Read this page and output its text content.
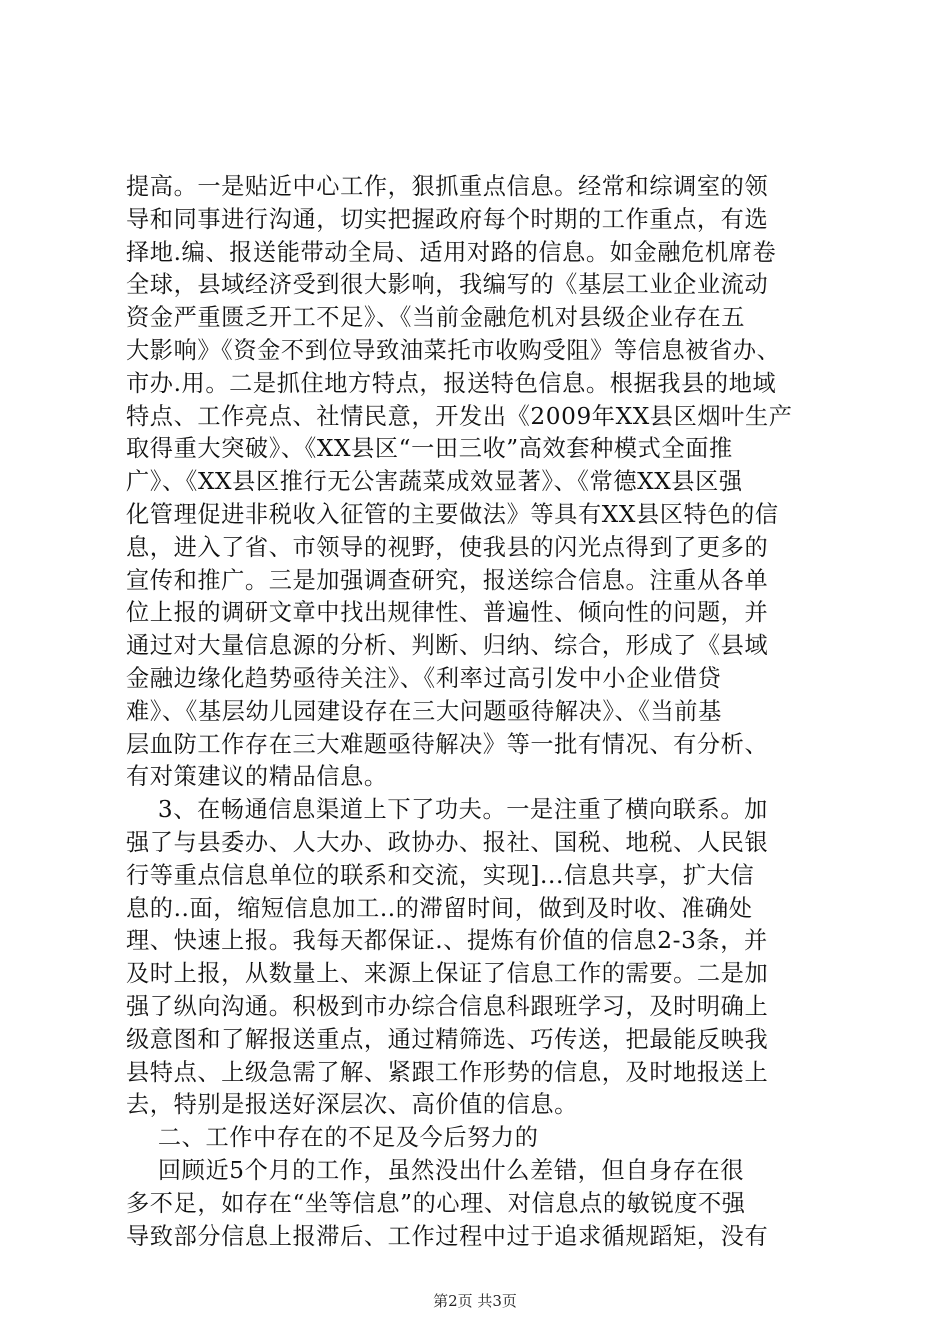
提高。一是贴近中心工作，狠抓重点信息。经常和综调室的领
导和同事进行沟通，切实把握政府每个时期的工作重点，有选
择地.编、报送能带动全局、适用对路的信息。如金融危机席卷
全球，县域经济受到很大影响，我编写的《基层工业企业流动
资金严重匮乏开工不足》、《当前金融危机对县级企业存在五
大影响》《资金不到位导致油菜托市收购受阻》等信息被省办、
市办.用。二是抓住地方特点，报送特色信息。根据我县的地域
特点、工作亮点、社情民意，开发出《2009年XX县区烟叶生产
取得重大突破》、《XX县区“一田三收”高效套种模式全面推
广》、《XX县区推行无公害蔬菜成效显著》、《常德XX县区强
化管理促进非税收入征管的主要做法》等具有XX县区特色的信
息，进入了省、市领导的视野，使我县的闪光点得到了更多的
宣传和推广。三是加强调查研究，报送综合信息。注重从各单
位上报的调研文章中找出规律性、普遍性、倾向性的问题，并
通过对大量信息源的分析、判断、归纳、综合，形成了《县域
金融边缘化趋势亟待关注》、《利率过高引发中小企业借贷
难》、《基层幼儿园建设存在三大问题亟待解决》、《当前基
层血防工作存在三大难题亟待解决》等一批有情况、有分析、
有对策建议的精品信息。
3、在畅通信息渠道上下了功夫。一是注重了横向联系。加
强了与县委办、人大办、政协办、报社、国税、地税、人民银
行等重点信息单位的联系和交流，实现]...信息共享，扩大信
息的..面，缩短信息加工..的滞留时间，做到及时收、准确处
理、快速上报。我每天都保证.、提炼有价值的信息2-3条，并
及时上报，从数量上、来源上保证了信息工作的需要。二是加
强了纵向沟通。积极到市办综合信息科跟班学习，及时明确上
级意图和了解报送重点，通过精筛选、巧传送，把最能反映我
县特点、上级急需了解、紧跟工作形势的信息，及时地报送上
去，特别是报送好深层次、高价值的信息。
二、工作中存在的不足及今后努力的
回顾近5个月的工作，虽然没出什么差错，但自身存在很
多不足，如存在“坐等信息”的心理、对信息点的敏锐度不强
导致部分信息上报滞后、工作过程中过于追求循规蹈矩，没有
第2页 共3页
